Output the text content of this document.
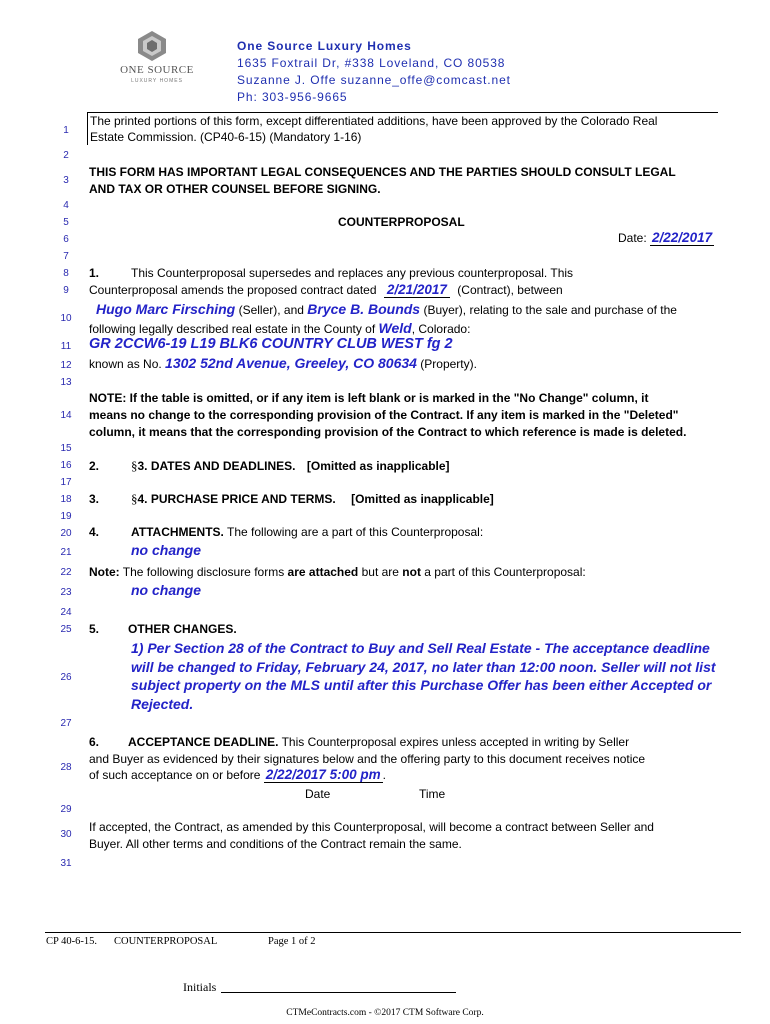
ONE SOURCE
LUXURY HOMES
One Source Luxury Homes
1635 Foxtrail Dr, #338 Loveland, CO 80538
Suzanne J. Offe suzanne_offe@comcast.net
Ph: 303-956-9665
1
2
3
4
5
6
7
8
9
10
11
12
13
14
15
16
17
18
19
20
21
22
23
24
25
26
27
28
29
30
31
The printed portions of this form, except differentiated additions, have been approved by the Colorado Real
Estate Commission. (CP40-6-15) (Mandatory 1-16)
THIS FORM HAS IMPORTANT LEGAL CONSEQUENCES AND THE PARTIES SHOULD CONSULT LEGAL
AND TAX OR OTHER COUNSEL BEFORE SIGNING.
COUNTERPROPOSAL
Date: 2/22/2017
1.	This Counterproposal supersedes and replaces any previous counterproposal. This
Counterproposal amends the proposed contract dated 2/21/2017 (Contract), between
Hugo Marc Firsching (Seller), and Bryce B. Bounds (Buyer), relating to the sale and purchase of the
following legally described real estate in the County of Weld, Colorado:
GR 2CCW6-19 L19 BLK6 COUNTRY CLUB WEST fg 2
known as No. 1302 52nd Avenue, Greeley, CO 80634 (Property).
NOTE: If the table is omitted, or if any item is left blank or is marked in the "No Change" column, it
means no change to the corresponding provision of the Contract. If any item is marked in the "Deleted"
column, it means that the corresponding provision of the Contract to which reference is made is deleted.
2. §3. DATES AND DEADLINES. [Omitted as inapplicable]
3. §4. PURCHASE PRICE AND TERMS. [Omitted as inapplicable]
4.	ATTACHMENTS. The following are a part of this Counterproposal:
no change
Note: The following disclosure forms are attached but are not a part of this Counterproposal:
no change
5. OTHER CHANGES.
1) Per Section 28 of the Contract to Buy and Sell Real Estate - The acceptance deadline
will be changed to Friday, February 24, 2017, no later than 12:00 noon. Seller will not list
subject property on the MLS until after this Purchase Offer has been either Accepted or
Rejected.
6. ACCEPTANCE DEADLINE. This Counterproposal expires unless accepted in writing by Seller
and Buyer as evidenced by their signatures below and the offering party to this document receives notice
of such acceptance on or before 2/22/2017 5:00 pm .
Date	Time
If accepted, the Contract, as amended by this Counterproposal, will become a contract between Seller and
Buyer. All other terms and conditions of the Contract remain the same.
CP 40-6-15. COUNTERPROPOSAL	Page 1 of 2
Initials
CTMeContracts.com - ©2017 CTM Software Corp.
